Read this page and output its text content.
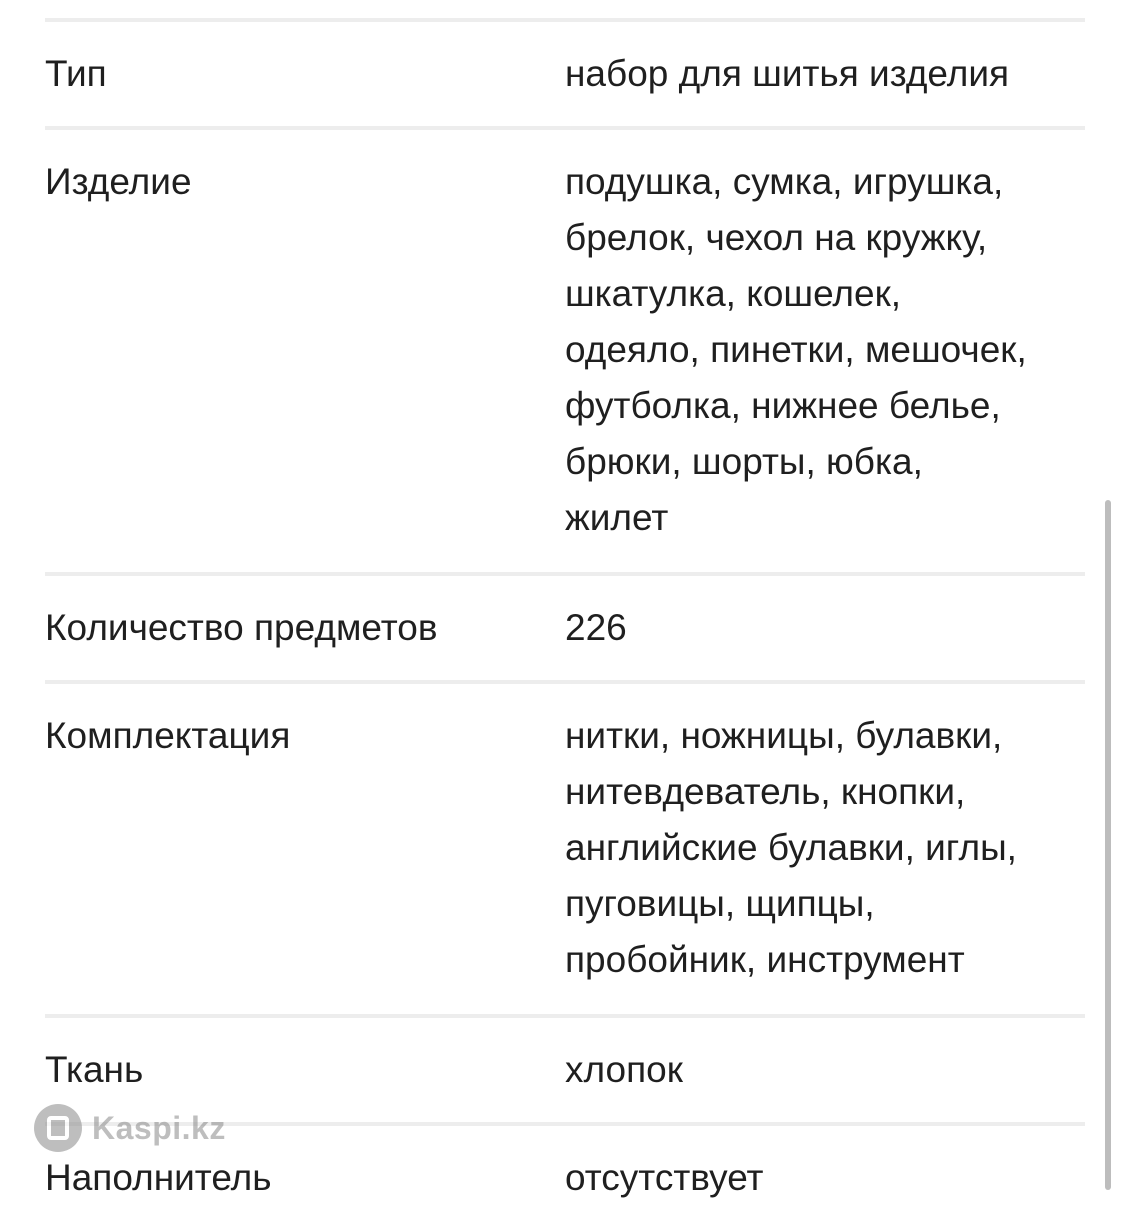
Тип	набор для шитья изделия
Изделие	подушка, сумка, игрушка,
брелок, чехол на кружку,
шкатулка, кошелек,
одеяло, пинетки, мешочек,
футболка, нижнее белье,
брюки, шорты, юбка,
жилет
Количество предметов	226
Комплектация	нитки, ножницы, булавки,
нитевдеватель, кнопки,
английские булавки, иглы,
пуговицы, щипцы,
пробойник, инструмент
Ткань	хлопок
Наполнитель	отсутствует
Kaspi.kz
